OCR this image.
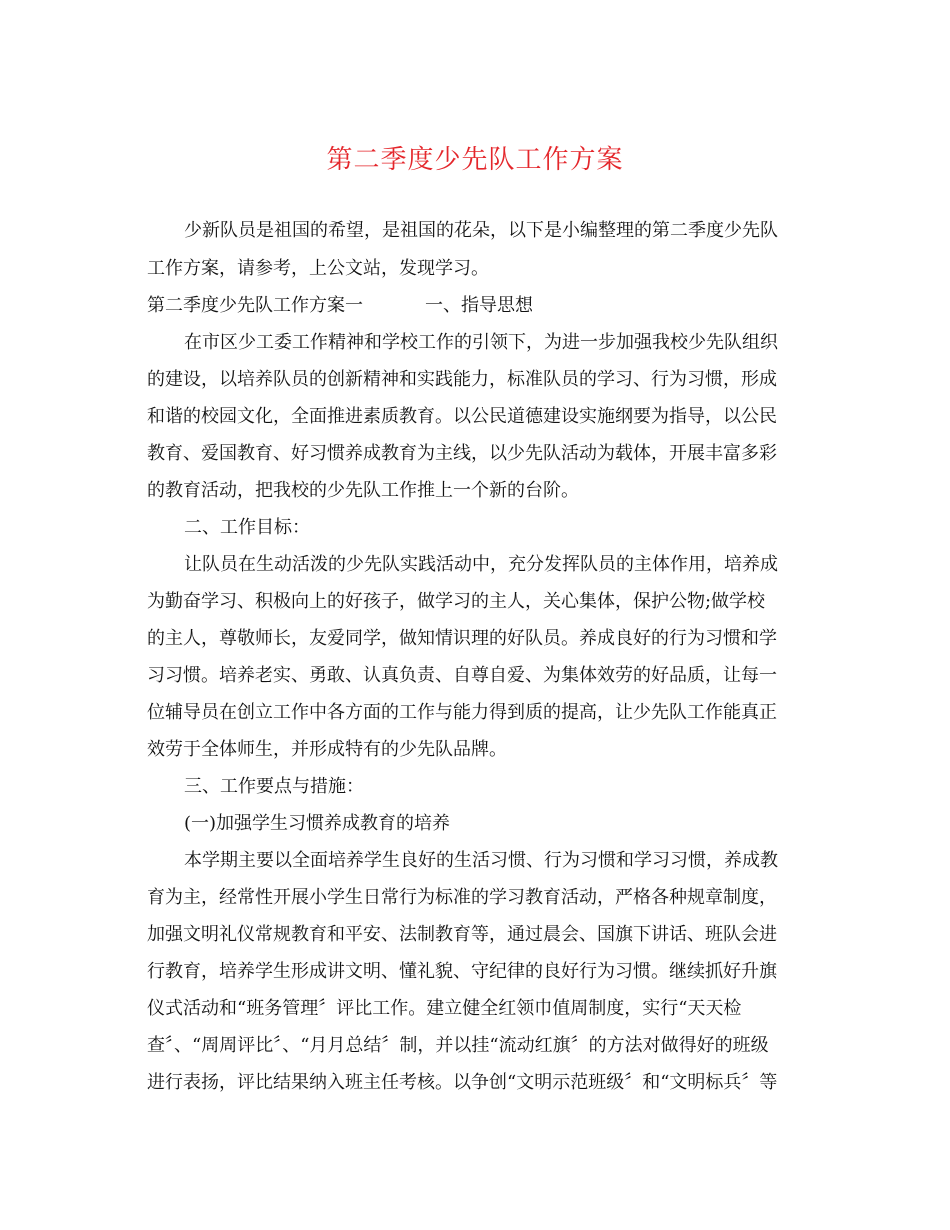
第二季度少先队工作方案
少新队员是祖国的希望，是祖国的花朵，以下是小编整理的第二季度少先队
工作方案，请参考，上公文站，发现学习。
第二季度少先队工作方案一	一、指导思想
在市区少工委工作精神和学校工作的引领下，为进一步加强我校少先队组织
的建设，以培养队员的创新精神和实践能力，标准队员的学习、行为习惯，形成
和谐的校园文化，全面推进素质教育。以公民道德建设实施纲要为指导，以公民
教育、爱国教育、好习惯养成教育为主线，以少先队活动为载体，开展丰富多彩
的教育活动，把我校的少先队工作推上一个新的台阶。
二、工作目标：
让队员在生动活泼的少先队实践活动中，充分发挥队员的主体作用，培养成
为勤奋学习、积极向上的好孩子，做学习的主人，关心集体，保护公物;做学校
的主人，尊敬师长，友爱同学，做知情识理的好队员。养成良好的行为习惯和学
习习惯。培养老实、勇敢、认真负责、自尊自爱、为集体效劳的好品质，让每一
位辅导员在创立工作中各方面的工作与能力得到质的提高，让少先队工作能真正
效劳于全体师生，并形成特有的少先队品牌。
三、工作要点与措施：
(一)加强学生习惯养成教育的培养
本学期主要以全面培养学生良好的生活习惯、行为习惯和学习习惯，养成教
育为主，经常性开展小学生日常行为标准的学习教育活动，严格各种规章制度，
加强文明礼仪常规教育和平安、法制教育等，通过晨会、国旗下讲话、班队会进
行教育，培养学生形成讲文明、懂礼貌、守纪律的良好行为习惯。继续抓好升旗
仪式活动和“班务管理〞评比工作。建立健全红领巾值周制度，实行“天天检
查〞、“周周评比〞、“月月总结〞制，并以挂“流动红旗〞的方法对做得好的班级
进行表扬，评比结果纳入班主任考核。以争创“文明示范班级〞和“文明标兵〞等
